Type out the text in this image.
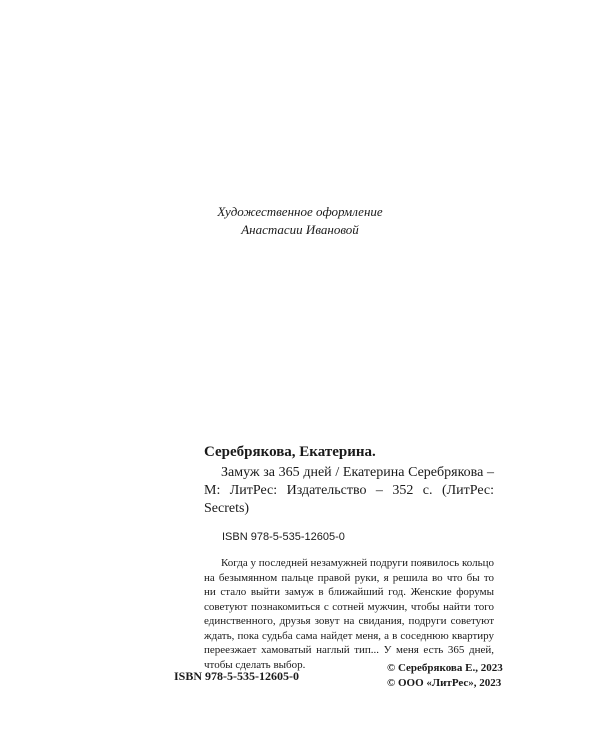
Художественное оформление
Анастасии Ивановой

Серебрякова, Екатерина.

Замуж за 365 дней / Екатерина Серебрякова – М: ЛитРес: Издательство – 352 с. (ЛитРес: Secrets)

ISBN 978-5-535-12605-0

Когда у последней незамужней подруги появилось кольцо на безымянном пальце правой руки, я решила во что бы то ни стало выйти замуж в ближайший год. Женские форумы советуют познакомиться с сотней мужчин, чтобы найти того единственного, друзья зовут на свидания, подруги советуют ждать, пока судьба сама найдет меня, а в соседнюю квартиру переезжает хамоватый наглый тип... У меня есть 365 дней, чтобы сделать выбор.

ISBN 978-5-535-12605-0
© Серебрякова Е., 2023
© ООО «ЛитРес», 2023
